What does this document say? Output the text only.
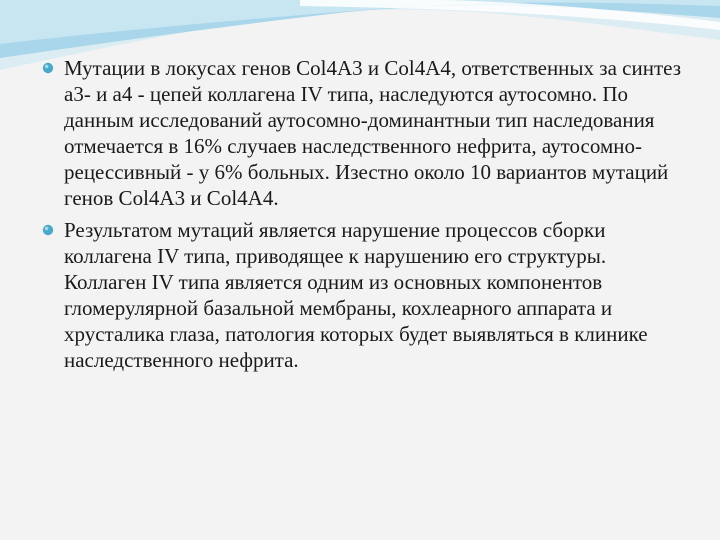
Мутации в локусах генов Col4A3 и Col4A4, ответственных за синтез а3- и а4 - цепей коллагена IV типа, наследуются аутосомно. По данным исследований аутосомно-доминантныи тип наследования отмечается в 16% случаев наследственного нефрита, аутосомно-рецессивный - у 6% больных. Изестно около 10 вариантов мутаций генов Col4A3 и Col4A4.
Результатом мутаций является нарушение процессов сборки коллагена IV типа, приводящее к нарушению его структуры. Коллаген IV типа является одним из основных компонентов гломерулярной базальной мембраны, кохлеарного аппарата и хрусталика глаза, патология которых будет выявляться в клинике наследственного нефрита.
